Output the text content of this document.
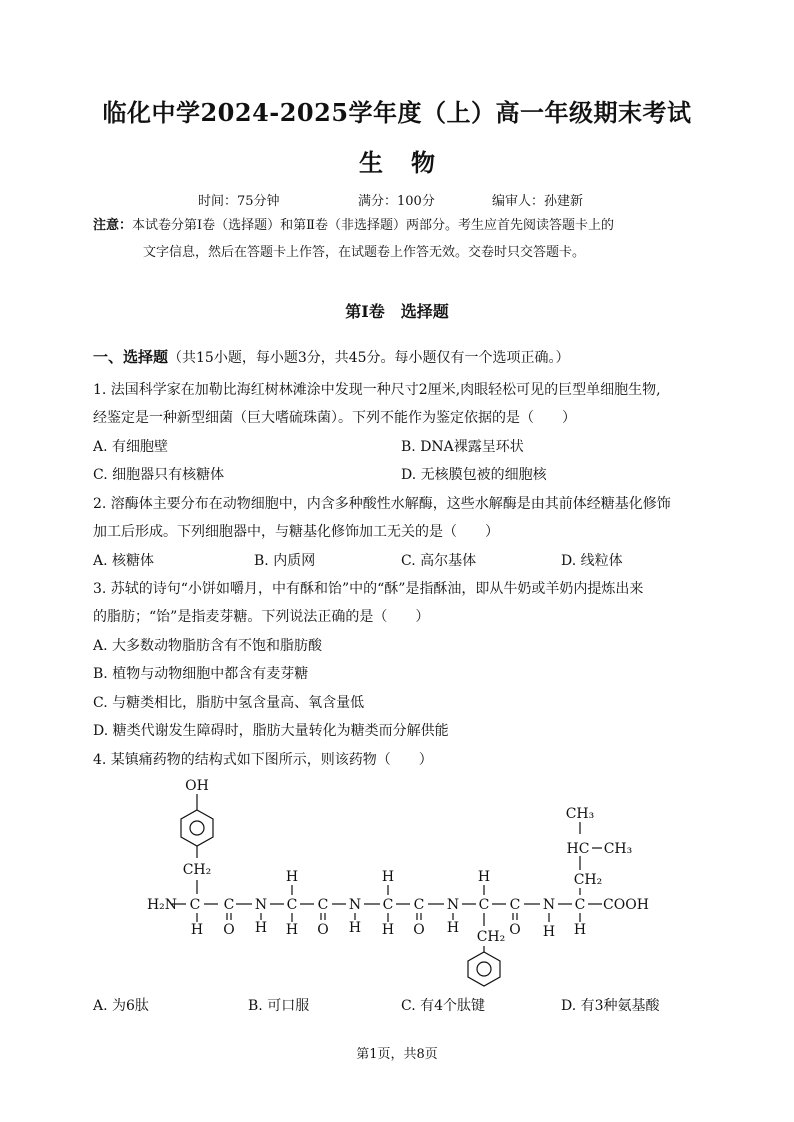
临化中学2024-2025学年度（上）高一年级期末考试
生 物
时间：75分钟	满分：100分	编审人：孙建新
注意：本试卷分第Ⅰ卷（选择题）和第Ⅱ卷（非选择题）两部分。考生应首先阅读答题卡上的
文字信息，然后在答题卡上作答，在试题卷上作答无效。交卷时只交答题卡。
第Ⅰ卷　选择题
一、选择题（共15小题，每小题3分，共45分。每小题仅有一个选项正确。）
1. 法国科学家在加勒比海红树林滩涂中发现一种尺寸2厘米,肉眼轻松可见的巨型单细胞生物,
经鉴定是一种新型细菌（巨大嗜硫珠菌）。下列不能作为鉴定依据的是（　　）
A. 有细胞壁	B. DNA裸露呈环状
C. 细胞器只有核糖体	D. 无核膜包被的细胞核
2. 溶酶体主要分布在动物细胞中，内含多种酸性水解酶，这些水解酶是由其前体经糖基化修饰
加工后形成。下列细胞器中，与糖基化修饰加工无关的是（　　）
A. 核糖体	B. 内质网	C. 高尔基体	D. 线粒体
3. 苏轼的诗句“小饼如嚼月，中有酥和饴”中的“酥”是指酥油，即从牛奶或羊奶内提炼出来
的脂肪；“饴”是指麦芽糖。下列说法正确的是（　　）
A. 大多数动物脂肪含有不饱和脂肪酸
B. 植物与动物细胞中都含有麦芽糖
C. 与糖类相比，脂肪中氢含量高、氧含量低
D. 糖类代谢发生障碍时，脂肪大量转化为糖类而分解供能
4. 某镇痛药物的结构式如下图所示，则该药物（　　）
OH
CH₂
H₂N C
H
C
O
N
H
H
C
H
C
O
N
H
H
C
H
C
O
N
H
H
C
CH₂
C
O
N
H
CH₃
HC CH₃
CH₂
C
H
COOH
A. 为6肽	B. 可口服	C. 有4个肽键	D. 有3种氨基酸
第1页，共8页
